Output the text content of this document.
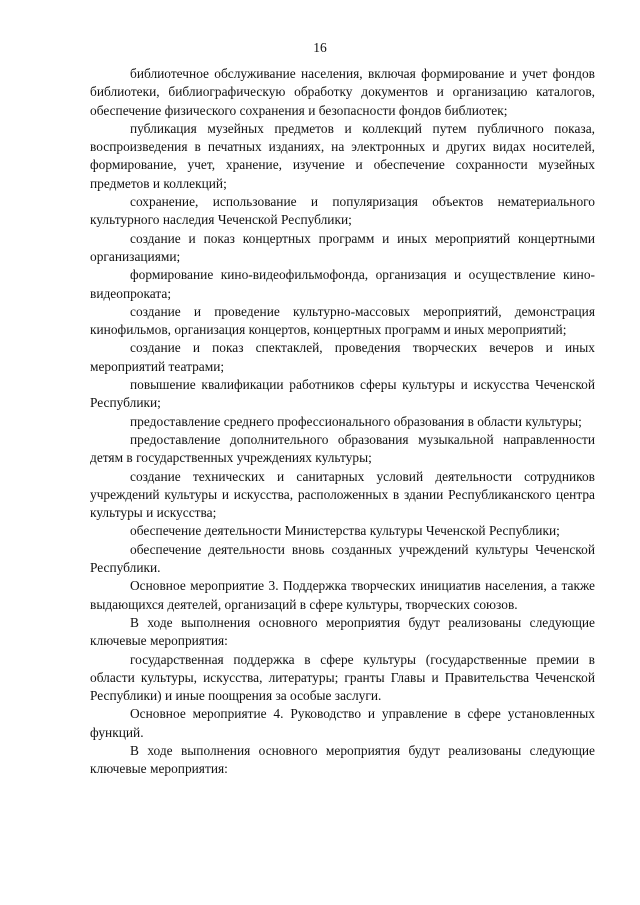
16

библиотечное обслуживание населения, включая формирование и учет фондов библиотеки, библиографическую обработку документов и организацию каталогов, обеспечение физического сохранения и безопасности фондов библиотек;

публикация музейных предметов и коллекций путем публичного показа, воспроизведения в печатных изданиях, на электронных и других видах носителей, формирование, учет, хранение, изучение и обеспечение сохранности музейных предметов и коллекций;

сохранение, использование и популяризация объектов нематериального культурного наследия Чеченской Республики;

создание и показ концертных программ и иных мероприятий концертными организациями;

формирование кино-видеофильмофонда, организация и осуществление кино-видеопроката;

создание и проведение культурно-массовых мероприятий, демонстрация кинофильмов, организация концертов, концертных программ и иных мероприятий;

создание и показ спектаклей, проведения творческих вечеров и иных мероприятий театрами;

повышение квалификации работников сферы культуры и искусства Чеченской Республики;

предоставление среднего профессионального образования в области культуры;

предоставление дополнительного образования музыкальной направленности детям в государственных учреждениях культуры;

создание технических и санитарных условий деятельности сотрудников учреждений культуры и искусства, расположенных в здании Республиканского центра культуры и искусства;

обеспечение деятельности Министерства культуры Чеченской Республики;

обеспечение деятельности вновь созданных учреждений культуры Чеченской Республики.

Основное мероприятие 3. Поддержка творческих инициатив населения, а также выдающихся деятелей, организаций в сфере культуры, творческих союзов.

В ходе выполнения основного мероприятия будут реализованы следующие ключевые мероприятия:

государственная поддержка в сфере культуры (государственные премии в области культуры, искусства, литературы; гранты Главы и Правительства Чеченской Республики) и иные поощрения за особые заслуги.

Основное мероприятие 4. Руководство и управление в сфере установленных функций.

В ходе выполнения основного мероприятия будут реализованы следующие ключевые мероприятия:
